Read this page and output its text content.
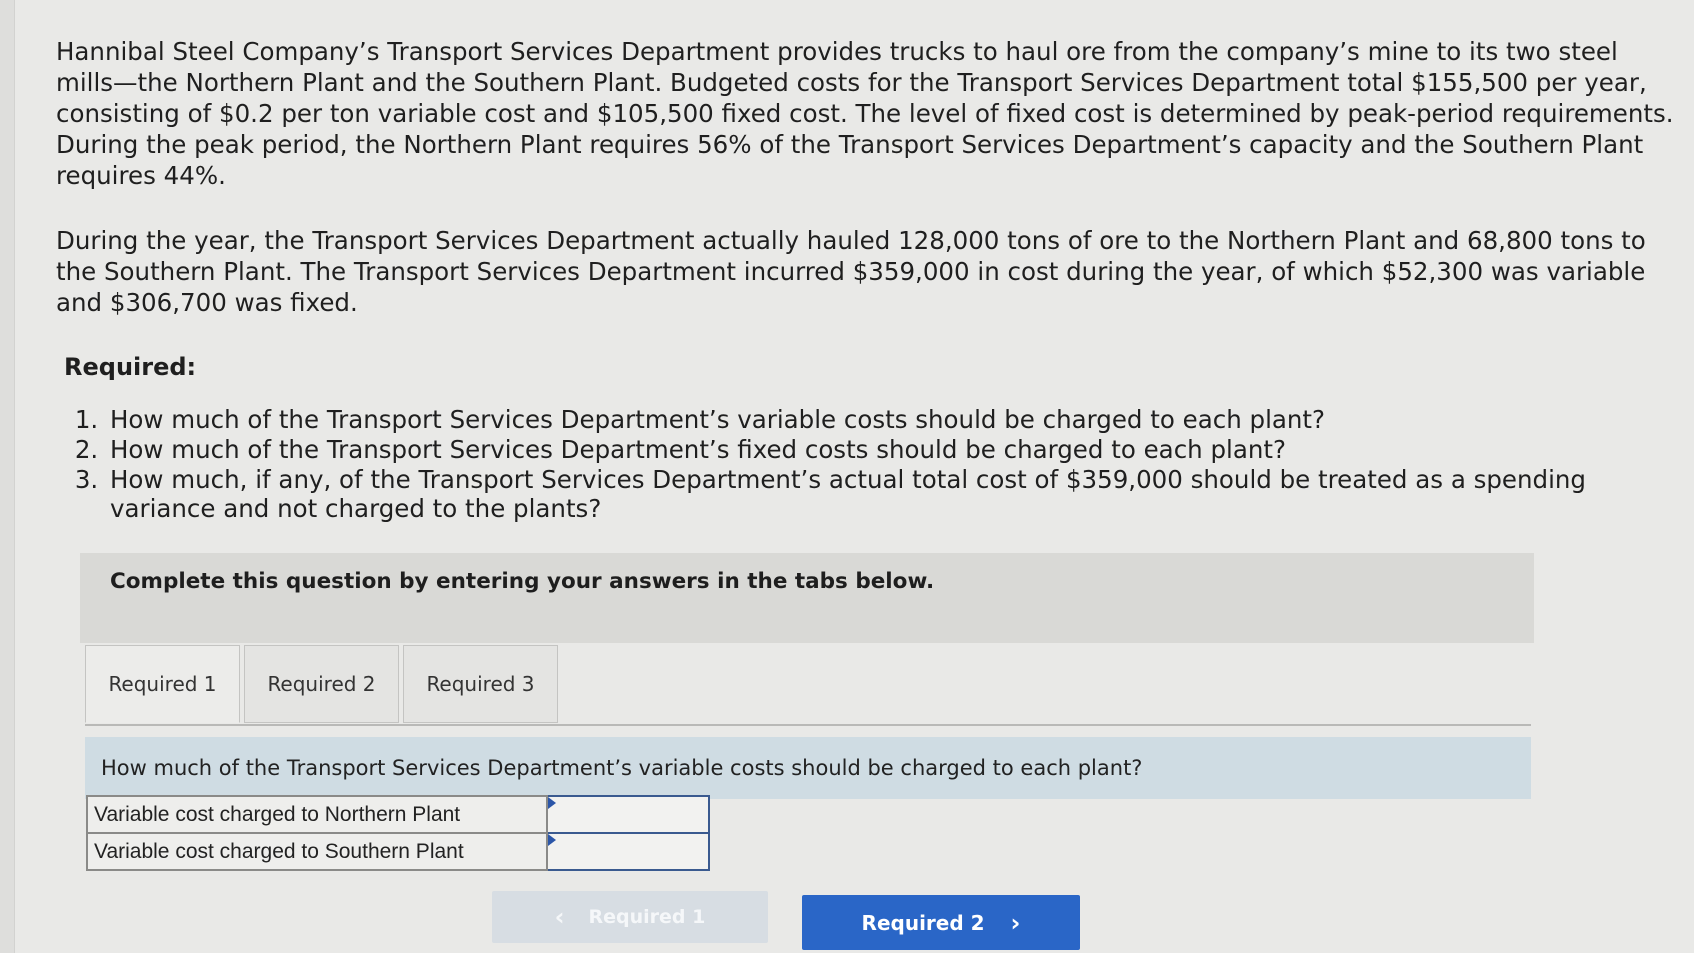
Hannibal Steel Company’s Transport Services Department provides trucks to haul ore from the company’s mine to its two steel mills—the Northern Plant and the Southern Plant. Budgeted costs for the Transport Services Department total $155,500 per year, consisting of $0.2 per ton variable cost and $105,500 fixed cost. The level of fixed cost is determined by peak-period requirements. During the peak period, the Northern Plant requires 56% of the Transport Services Department’s capacity and the Southern Plant requires 44%.

During the year, the Transport Services Department actually hauled 128,000 tons of ore to the Northern Plant and 68,800 tons to the Southern Plant. The Transport Services Department incurred $359,000 in cost during the year, of which $52,300 was variable and $306,700 was fixed.

Required:
1. How much of the Transport Services Department’s variable costs should be charged to each plant?
2. How much of the Transport Services Department’s fixed costs should be charged to each plant?
3. How much, if any, of the Transport Services Department’s actual total cost of $359,000 should be treated as a spending variance and not charged to the plants?
Complete this question by entering your answers in the tabs below.
Required 1	Required 2	Required 3
How much of the Transport Services Department’s variable costs should be charged to each plant?
Variable cost charged to Northern Plant	

Variable cost charged to Southern Plant	
‹ Required 1	Required 2 ›
